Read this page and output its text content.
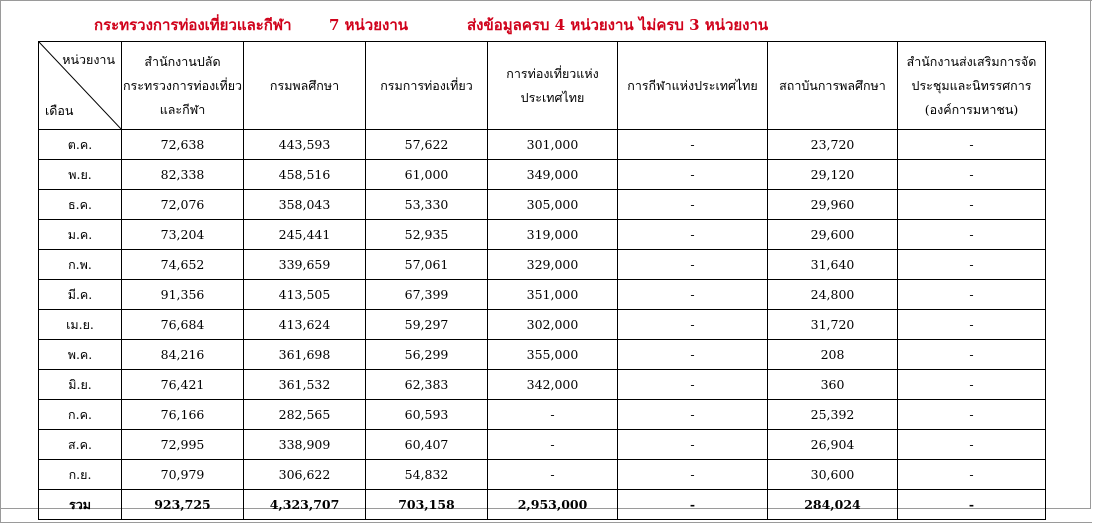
กระทรวงการท่องเที่ยวและกีฬา 7 หน่วยงาน	ส่งข้อมูลครบ 4 หน่วยงาน ไม่ครบ 3 หน่วยงาน
หน่วยงาน
เดือน	สำนักงานปลัดกระทรวงการท่องเที่ยวและกีฬา	กรมพลศึกษา	กรมการท่องเที่ยว	การท่องเที่ยวแห่งประเทศไทย	การกีฬาแห่งประเทศไทย	สถาบันการพลศึกษา	สำนักงานส่งเสริมการจัดประชุมและนิทรรศการ (องค์การมหาชน)
ต.ค.	72,638	443,593	57,622	301,000	-	23,720	-
พ.ย.	82,338	458,516	61,000	349,000	-	29,120	-
ธ.ค.	72,076	358,043	53,330	305,000	-	29,960	-
ม.ค.	73,204	245,441	52,935	319,000	-	29,600	-
ก.พ.	74,652	339,659	57,061	329,000	-	31,640	-
มี.ค.	91,356	413,505	67,399	351,000	-	24,800	-
เม.ย.	76,684	413,624	59,297	302,000	-	31,720	-
พ.ค.	84,216	361,698	56,299	355,000	-	208	-
มิ.ย.	76,421	361,532	62,383	342,000	-	360	-
ก.ค.	76,166	282,565	60,593	-	-	25,392	-
ส.ค.	72,995	338,909	60,407	-	-	26,904	-
ก.ย.	70,979	306,622	54,832	-	-	30,600	-
รวม	923,725	4,323,707	703,158	2,953,000	-	284,024	-
